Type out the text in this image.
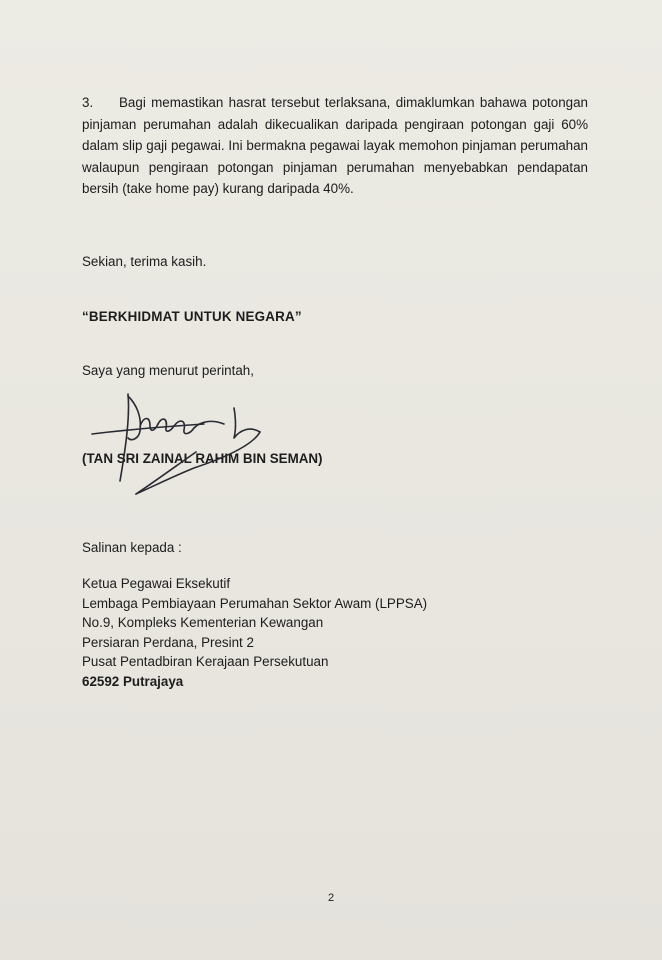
3. Bagi memastikan hasrat tersebut terlaksana, dimaklumkan bahawa potongan pinjaman perumahan adalah dikecualikan daripada pengiraan potongan gaji 60% dalam slip gaji pegawai. Ini bermakna pegawai layak memohon pinjaman perumahan walaupun pengiraan potongan pinjaman perumahan menyebabkan pendapatan bersih (take home pay) kurang daripada 40%.
Sekian, terima kasih.
“BERKHIDMAT UNTUK NEGARA”
Saya yang menurut perintah,
(TAN SRI ZAINAL RAHIM BIN SEMAN)
Salinan kepada :
Ketua Pegawai Eksekutif
Lembaga Pembiayaan Perumahan Sektor Awam (LPPSA)
No.9, Kompleks Kementerian Kewangan
Persiaran Perdana, Presint 2
Pusat Pentadbiran Kerajaan Persekutuan
62592 Putrajaya
2
